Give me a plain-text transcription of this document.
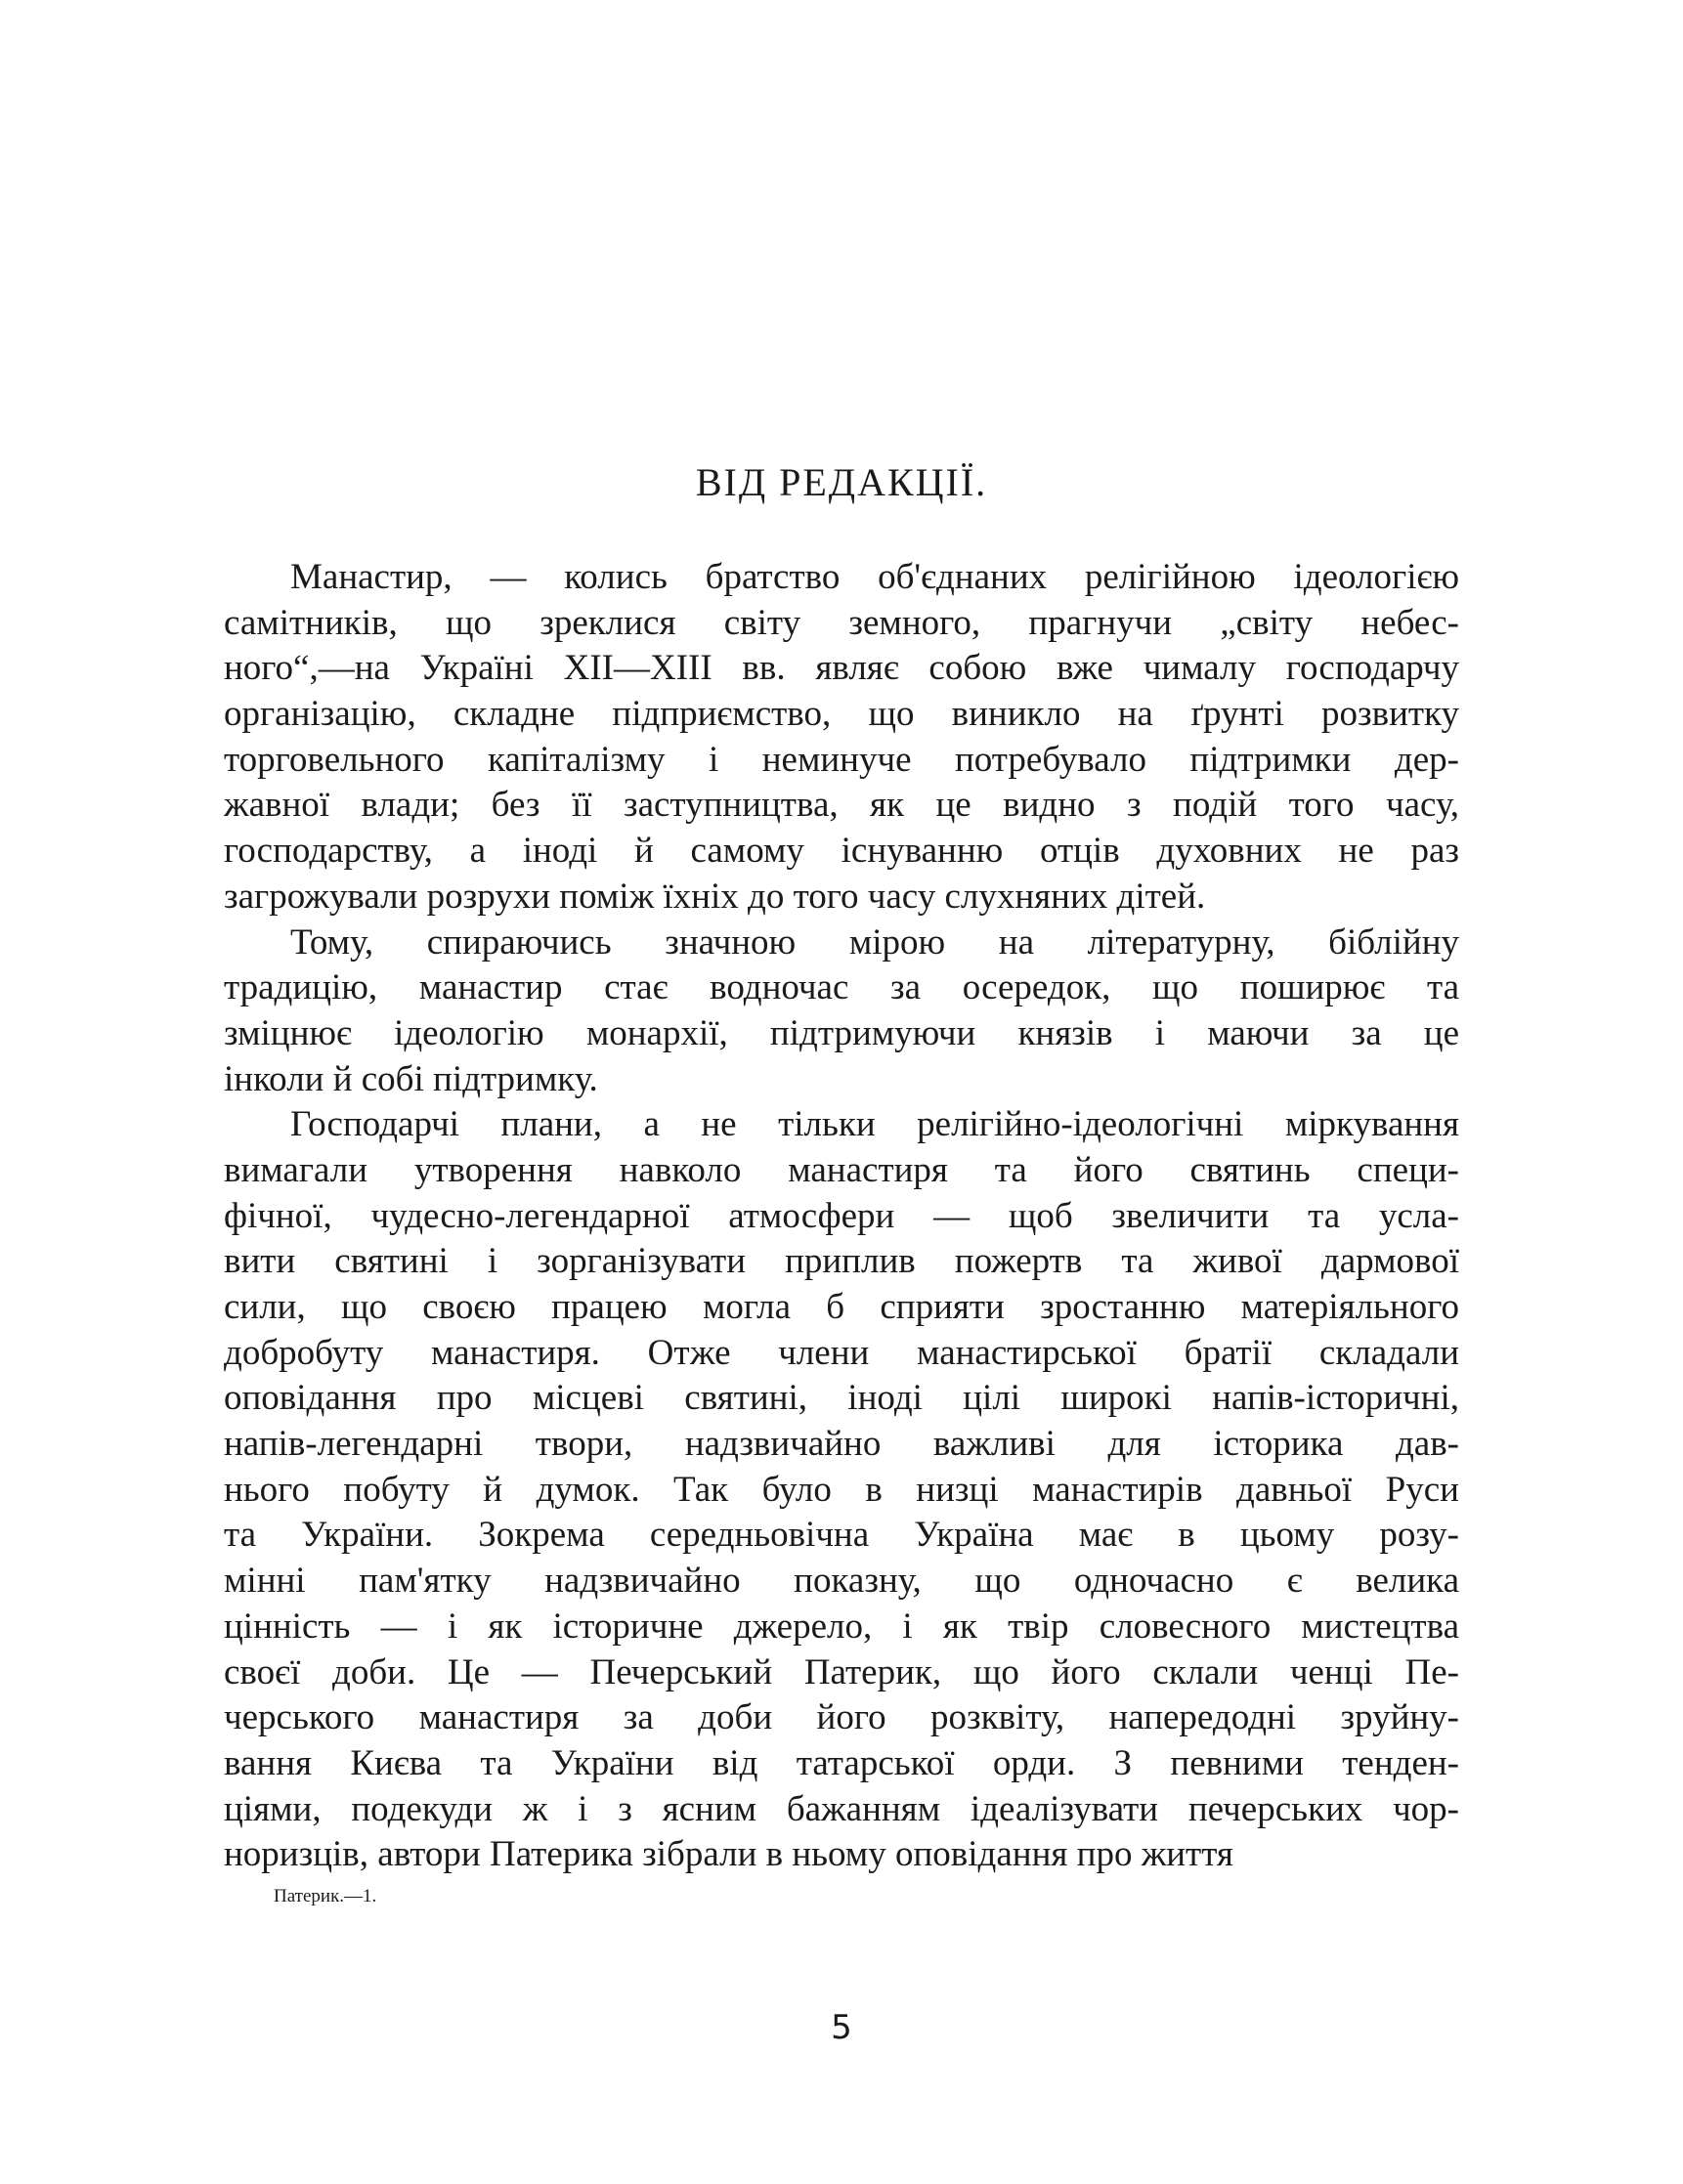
ВІД РЕДАКЦІЇ.
Манастир, — колись братство об'єднаних релігійною ідеологією
самітників, що зреклися світу земного, прагнучи „світу небес-
ного“,—на Україні XII—XIII вв. являє собою вже чималу господарчу
організацію, складне підприємство, що виникло на ґрунті розвитку
торговельного капіталізму і неминуче потребувало підтримки дер-
жавної влади; без її заступництва, як це видно з подій того часу,
господарству, а іноді й самому існуванню отців духовних не раз
загрожували розрухи поміж їхніх до того часу слухняних дітей.
Тому, спираючись значною мірою на літературну, біблійну
традицію, манастир стає водночас за осередок, що поширює та
зміцнює ідеологію монархії, підтримуючи князів і маючи за це
інколи й собі підтримку.
Господарчі плани, а не тільки релігійно-ідеологічні міркування
вимагали утворення навколо манастиря та його святинь специ-
фічної, чудесно-легендарної атмосфери — щоб звеличити та усла-
вити святині і зорганізувати приплив пожертв та живої дармової
сили, що своєю працею могла б сприяти зростанню матеріяльного
добробуту манастиря. Отже члени манастирської братії складали
оповідання про місцеві святині, іноді цілі широкі напів-історичні,
напів-легендарні твори, надзвичайно важливі для історика дав-
нього побуту й думок. Так було в низці манастирів давньої Руси
та України. Зокрема середньовічна Україна має в цьому розу-
мінні пам'ятку надзвичайно показну, що одночасно є велика
цінність — і як історичне джерело, і як твір словесного мистецтва
своєї доби. Це — Печерський Патерик, що його склали ченці Пе-
черського манастиря за доби його розквіту, напередодні зруйну-
вання Києва та України від татарської орди. З певними тенден-
ціями, подекуди ж і з ясним бажанням ідеалізувати печерських чор-
норизців, автори Патерика зібрали в ньому оповідання про життя
Патерик.—1.
5
